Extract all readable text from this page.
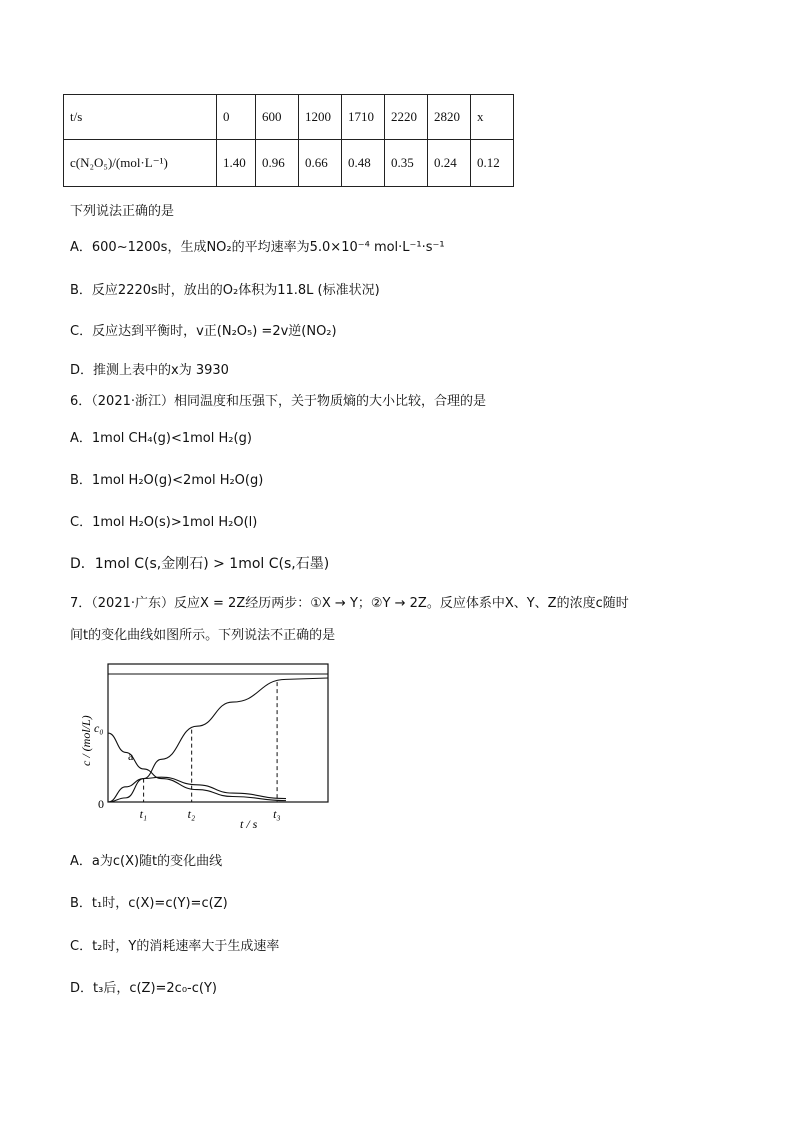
t/s	0	600	1200	1710	2220	2820	x
c(N₂O₅)/(mol·L⁻¹)	1.40	0.96	0.66	0.48	0.35	0.24	0.12
下列说法正确的是
A．600~1200s，生成NO₂的平均速率为5.0×10⁻⁴ mol·L⁻¹·s⁻¹
B．反应2220s时，放出的O₂体积为11.8L (标准状况)
C．反应达到平衡时，v正(N₂O₅) =2v逆(NO₂)
D．推测上表中的x为 3930
6．（2021·浙江）相同温度和压强下，关于物质熵的大小比较，合理的是
A．1mol CH₄(g)<1mol H₂(g)
B．1mol H₂O(g)<2mol H₂O(g)
C．1mol H₂O(s)>1mol H₂O(l)
D．1mol C(s,金刚石) > 1mol C(s,石墨)
7．（2021·广东）反应X = 2Z经历两步：①X → Y；②Y → 2Z。反应体系中X、Y、Z的浓度c随时
间t的变化曲线如图所示。下列说法不正确的是
c / (mol/L) c₀
0
a
t₁	t₂	t₃
t / s
A．a为c(X)随t的变化曲线
B．t₁时，c(X)=c(Y)=c(Z)
C．t₂时，Y的消耗速率大于生成速率
D．t₃后，c(Z)=2c₀-c(Y)
